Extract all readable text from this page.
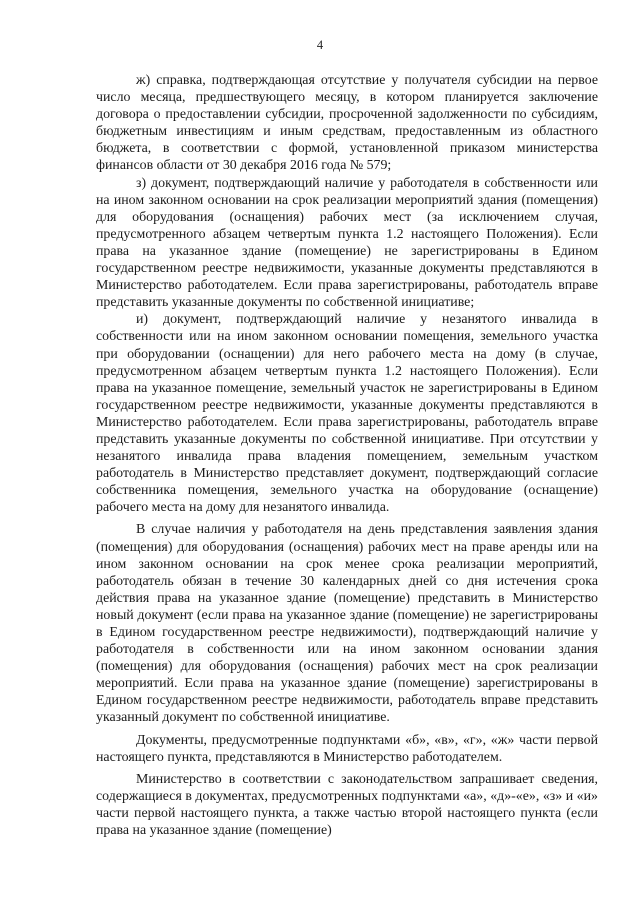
4

ж) справка, подтверждающая отсутствие у получателя субсидии на первое число месяца, предшествующего месяцу, в котором планируется заключение договора о предоставлении субсидии, просроченной задолженности по субсидиям, бюджетным инвестициям и иным средствам, предоставленным из областного бюджета, в соответствии с формой, установленной приказом министерства финансов области от 30 декабря 2016 года № 579;

з) документ, подтверждающий наличие у работодателя в собственности или на ином законном основании на срок реализации мероприятий здания (помещения) для оборудования (оснащения) рабочих мест (за исключением случая, предусмотренного абзацем четвертым пункта 1.2 настоящего Положения). Если права на указанное здание (помещение) не зарегистрированы в Едином государственном реестре недвижимости, указанные документы представляются в Министерство работодателем. Если права зарегистрированы, работодатель вправе представить указанные документы по собственной инициативе;

и) документ, подтверждающий наличие у незанятого инвалида в собственности или на ином законном основании помещения, земельного участка при оборудовании (оснащении) для него рабочего места на дому (в случае, предусмотренном абзацем четвертым пункта 1.2 настоящего Положения). Если права на указанное помещение, земельный участок не зарегистрированы в Едином государственном реестре недвижимости, указанные документы представляются в Министерство работодателем. Если права зарегистрированы, работодатель вправе представить указанные документы по собственной инициативе. При отсутствии у незанятого инвалида права владения помещением, земельным участком работодатель в Министерство представляет документ, подтверждающий согласие собственника помещения, земельного участка на оборудование (оснащение) рабочего места на дому для незанятого инвалида.

В случае наличия у работодателя на день представления заявления здания (помещения) для оборудования (оснащения) рабочих мест на праве аренды или на ином законном основании на срок менее срока реализации мероприятий, работодатель обязан в течение 30 календарных дней со дня истечения срока действия права на указанное здание (помещение) представить в Министерство новый документ (если права на указанное здание (помещение) не зарегистрированы в Едином государственном реестре недвижимости), подтверждающий наличие у работодателя в собственности или на ином законном основании здания (помещения) для оборудования (оснащения) рабочих мест на срок реализации мероприятий. Если права на указанное здание (помещение) зарегистрированы в Едином государственном реестре недвижимости, работодатель вправе представить указанный документ по собственной инициативе.

Документы, предусмотренные подпунктами «б», «в», «г», «ж» части первой настоящего пункта, представляются в Министерство работодателем.

Министерство в соответствии с законодательством запрашивает сведения, содержащиеся в документах, предусмотренных подпунктами «а», «д»-«е», «з» и «и» части первой настоящего пункта, а также частью второй настоящего пункта (если права на указанное здание (помещение)
